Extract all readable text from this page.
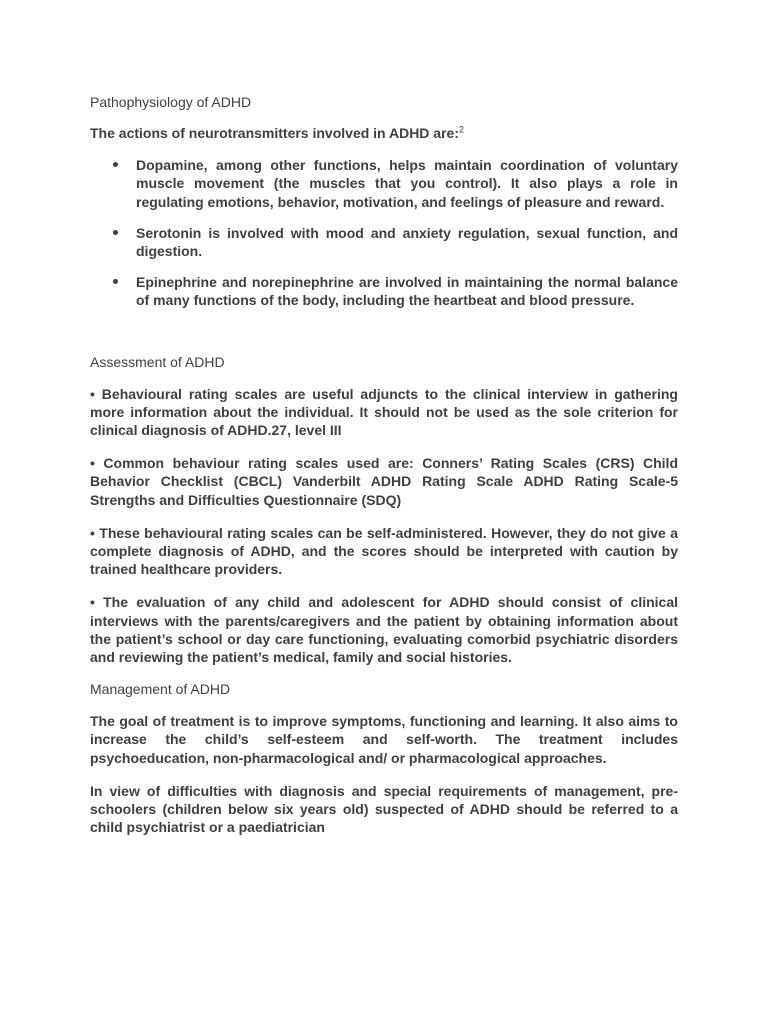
Pathophysiology of ADHD

The actions of neurotransmitters involved in ADHD are:$^2$

Dopamine, among other functions, helps maintain coordination of voluntary muscle movement (the muscles that you control). It also plays a role in regulating emotions, behavior, motivation, and feelings of pleasure and reward.
Serotonin is involved with mood and anxiety regulation, sexual function, and digestion.
Epinephrine and norepinephrine are involved in maintaining the normal balance of many functions of the body, including the heartbeat and blood pressure.

Assessment of ADHD

• Behavioural rating scales are useful adjuncts to the clinical interview in gathering more information about the individual. It should not be used as the sole criterion for clinical diagnosis of ADHD.27, level III

• Common behaviour rating scales used are: Conners’ Rating Scales (CRS) Child Behavior Checklist (CBCL) Vanderbilt ADHD Rating Scale ADHD Rating Scale-5 Strengths and Difficulties Questionnaire (SDQ)

• These behavioural rating scales can be self-administered. However, they do not give a complete diagnosis of ADHD, and the scores should be interpreted with caution by trained healthcare providers.

• The evaluation of any child and adolescent for ADHD should consist of clinical interviews with the parents/caregivers and the patient by obtaining information about the patient’s school or day care functioning, evaluating comorbid psychiatric disorders and reviewing the patient’s medical, family and social histories.

Management of ADHD

The goal of treatment is to improve symptoms, functioning and learning. It also aims to increase the child’s self-esteem and self-worth. The treatment includes psychoeducation, non-pharmacological and/ or pharmacological approaches.

In view of difficulties with diagnosis and special requirements of management, pre-schoolers (children below six years old) suspected of ADHD should be referred to a child psychiatrist or a paediatrician
